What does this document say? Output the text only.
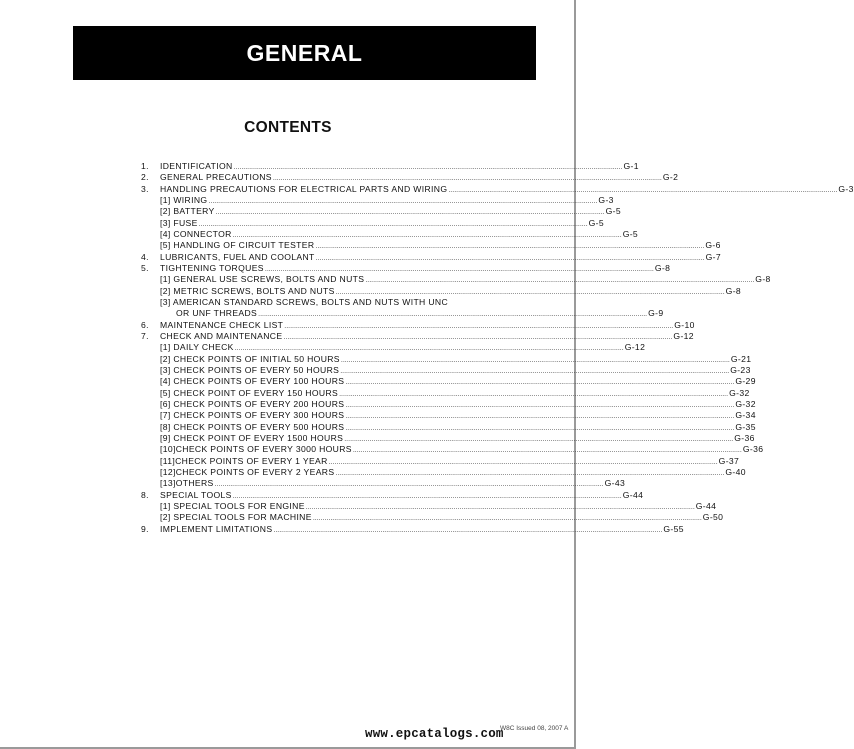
GENERAL
CONTENTS
1.	IDENTIFICATION ........................................................................................................................................................................................................ G-1
2.	GENERAL PRECAUTIONS ........................................................................................................................................................................................................ G-2
3.	HANDLING PRECAUTIONS FOR ELECTRICAL PARTS AND WIRING ........................................................................................................................................................................................................ G-3
[1] WIRING ........................................................................................................................................................................................................ G-3
[2] BATTERY ........................................................................................................................................................................................................ G-5
[3] FUSE ........................................................................................................................................................................................................ G-5
[4] CONNECTOR ........................................................................................................................................................................................................ G-5
[5] HANDLING OF CIRCUIT TESTER ........................................................................................................................................................................................................ G-6
4.	LUBRICANTS, FUEL AND COOLANT ........................................................................................................................................................................................................ G-7
5.	TIGHTENING TORQUES ........................................................................................................................................................................................................ G-8
[1] GENERAL USE SCREWS, BOLTS AND NUTS ........................................................................................................................................................................................................ G-8
[2] METRIC SCREWS, BOLTS AND NUTS ........................................................................................................................................................................................................ G-8
[3] AMERICAN STANDARD SCREWS, BOLTS AND NUTS WITH UNC
OR UNF THREADS ........................................................................................................................................................................................................ G-9
6.	MAINTENANCE CHECK LIST ........................................................................................................................................................................................................ G-10
7.	CHECK AND MAINTENANCE ........................................................................................................................................................................................................ G-12
[1] DAILY CHECK ........................................................................................................................................................................................................ G-12
[2] CHECK POINTS OF INITIAL 50 HOURS ........................................................................................................................................................................................................ G-21
[3] CHECK POINTS OF EVERY 50 HOURS ........................................................................................................................................................................................................ G-23
[4] CHECK POINTS OF EVERY 100 HOURS ........................................................................................................................................................................................................ G-29
[5] CHECK POINT OF EVERY 150 HOURS ........................................................................................................................................................................................................ G-32
[6] CHECK POINTS OF EVERY 200 HOURS ........................................................................................................................................................................................................ G-32
[7] CHECK POINTS OF EVERY 300 HOURS ........................................................................................................................................................................................................ G-34
[8] CHECK POINTS OF EVERY 500 HOURS ........................................................................................................................................................................................................ G-35
[9] CHECK POINT OF EVERY 1500 HOURS ........................................................................................................................................................................................................ G-36
[10]CHECK POINTS OF EVERY 3000 HOURS ........................................................................................................................................................................................................ G-36
[11]CHECK POINTS OF EVERY 1 YEAR ........................................................................................................................................................................................................ G-37
[12]CHECK POINTS OF EVERY 2 YEARS ........................................................................................................................................................................................................ G-40
[13]OTHERS ........................................................................................................................................................................................................ G-43
8.	SPECIAL TOOLS ........................................................................................................................................................................................................ G-44
[1] SPECIAL TOOLS FOR ENGINE ........................................................................................................................................................................................................ G-44
[2] SPECIAL TOOLS FOR MACHINE ........................................................................................................................................................................................................ G-50
9.	IMPLEMENT LIMITATIONS ........................................................................................................................................................................................................ G-55
W8C Issued 08, 2007 A
www.epcatalogs.com
